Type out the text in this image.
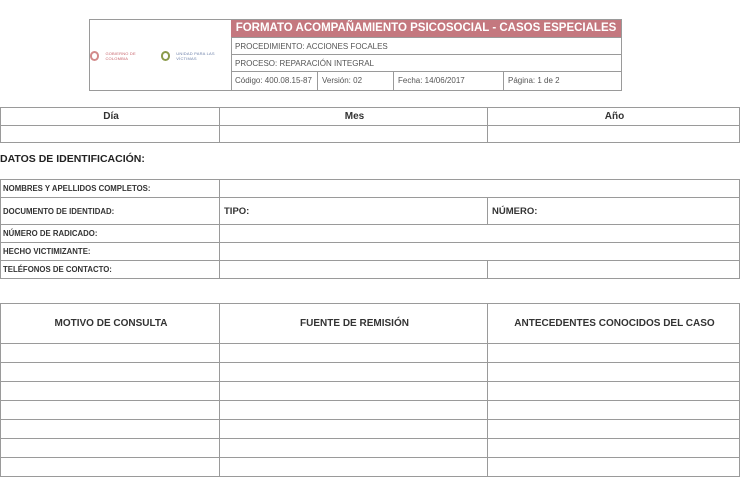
GOBIERNO DE COLOMBIA
UNIDAD PARA LAS VÍCTIMAS
FORMATO ACOMPAÑAMIENTO PSICOSOCIAL - CASOS ESPECIALES
PROCEDIMIENTO: ACCIONES FOCALES
PROCESO: REPARACIÓN INTEGRAL
Código: 400.08.15-87	Versión: 02	Fecha: 14/06/2017	Página: 1 de 2
Día	Mes	Año

DATOS DE IDENTIFICACIÓN:
NOMBRES Y APELLIDOS COMPLETOS:		
DOCUMENTO DE IDENTIDAD:	TIPO:	NÚMERO:
NÚMERO DE RADICADO:		
HECHO VICTIMIZANTE:		
TELÉFONOS DE CONTACTO:		
MOTIVO DE CONSULTA	FUENTE DE REMISIÓN	ANTECEDENTES CONOCIDOS DEL CASO
